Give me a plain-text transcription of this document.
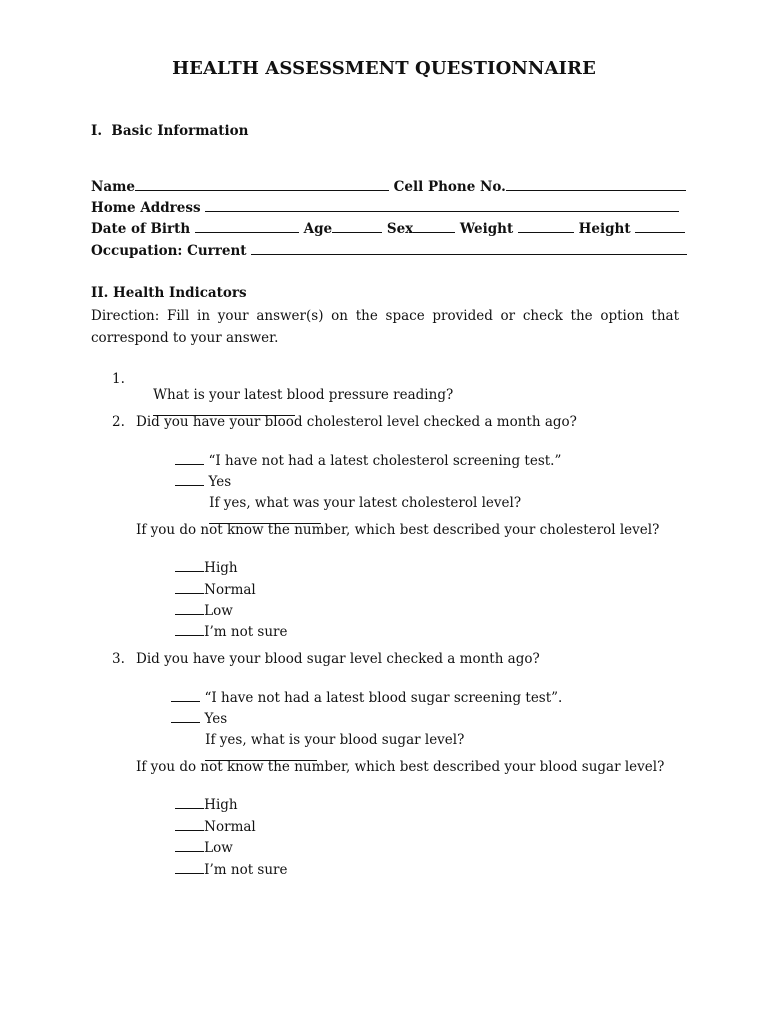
HEALTH ASSESSMENT QUESTIONNAIRE
I.  Basic Information
Name	Cell Phone No.
Home Address
Date of Birth	Age	Sex	Weight	Height
Occupation: Current
II. Health Indicators
Direction: Fill in your answer(s) on the space provided or check the option that correspond to your answer.
1.

What is your latest blood pressure reading?

2. Did you have your blood cholesterol level checked a month ago?

“I have not had a latest cholesterol screening test.”

Yes

If yes, what was your latest cholesterol level?

If you do not know the number, which best described your cholesterol level?

High

Normal

Low

I’m not sure

3. Did you have your blood sugar level checked a month ago?

“I have not had a latest blood sugar screening test”.

Yes

If yes, what is your blood sugar level?

If you do not know the number, which best described your blood sugar level?

High

Normal

Low

I’m not sure
